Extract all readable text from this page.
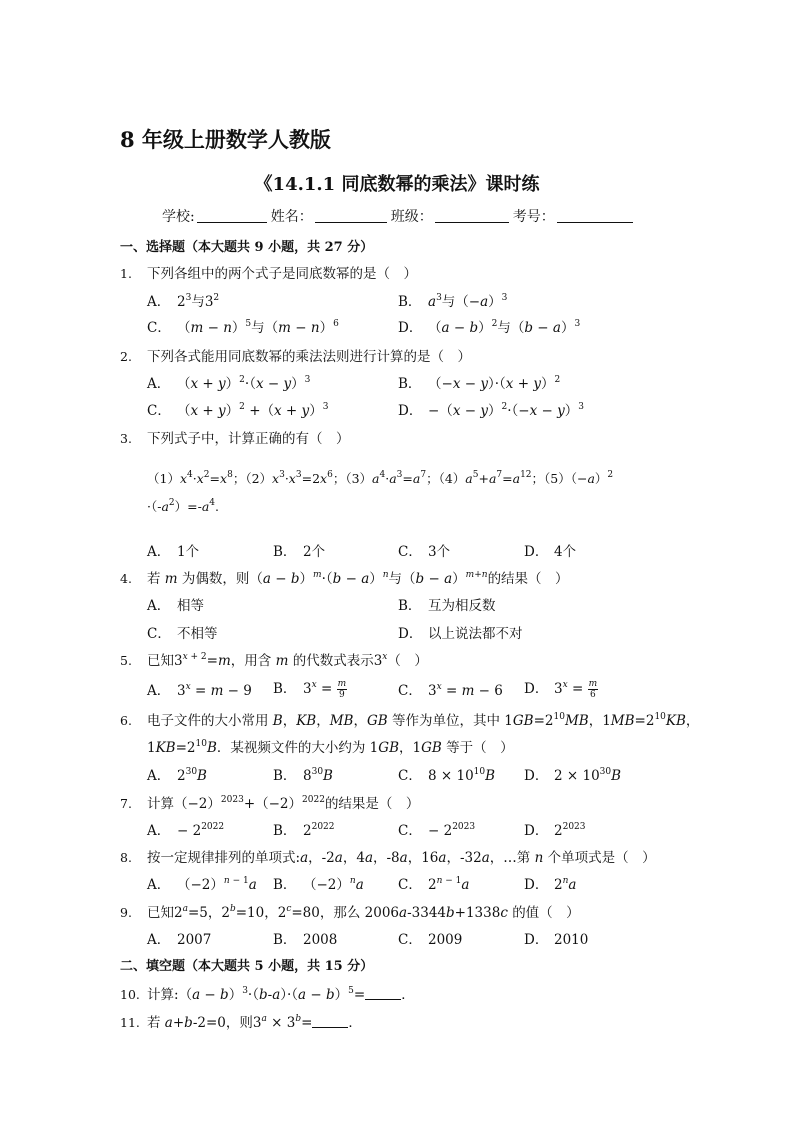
8 年级上册数学人教版
《14.1.1 同底数幂的乘法》课时练
学校:	姓名：	班级：	考号：
一、选择题（本大题共 9 小题，共 27 分）
1. 下列各组中的两个式子是同底数幂的是（　）
A． $2^3$与$3^2$	B． $a^3$与$(-a)^3$
C． $(m - n)^5$与$(m - n)^6$	D． $(a - b)^2$与$(b - a)^3$
2. 下列各式能用同底数幂的乘法法则进行计算的是（　）
A． $(x + y)^2\cdot(x - y)^3$	B． $(-x - y)\cdot(x + y)^2$
C． $(x + y)^2 +(x + y)^3$	D． $-(x - y)^2\cdot(-x - y)^3$
3. 下列式子中，计算正确的有（　）
$(1)x^4\cdot x^2=x^8$；$(2)x^3\cdot x^3=2x^6$；$(3)a^4\cdot a^3=a^7$；$(4)a^5+a^7=a^{12}$；$(5)(-a)^2$
$\cdot(-a^2)=-a^4$.
A． 1个	B． 2个	C． 3个	D． 4个
4. 若 m 为偶数，则$(a - b)^m\cdot(b - a)^n$与$(b - a)^{m+n}$的结果（　）
A． 相等	B． 互为相反数
C． 不相等	D． 以上说法都不对
5. 已知$3^{x + 2}=m$，用含 m 的代数式表示3$^x$（　）
A． $3^x = m - 9$ B． $3^x = \frac{m}{9}$	C． $3^x = m - 6$ D． $3^x = \frac{m}{6}$
6. 电子文件的大小常用 B，KB，MB，GB 等作为单位，其中 $1GB=2^{10}MB$，$1MB=2^{10}KB$，
$1KB=2^{10}B$．某视频文件的大小约为 1GB，1GB 等于（　）
A． $2^{30}B$	B． $8^{30}B$	C． $8 \times 10^{10}B$ D． $2 \times 10^{30}B$
7. 计算$(-2)^{2023}+(-2)^{2022}$的结果是（　）
A． − $2^{2022}$	B． $2^{2022}$	C． − $2^{2023}$	D． $2^{2023}$
8. 按一定规律排列的单项式:a，-2a，4a，-8a，16a，-32a，…第 n 个单项式是（　）
A． $(-2)^{n - 1}a$ B． $(-2)^na$	C． $2^{n - 1}a$	D． 2$^n$a
9. 已知$2^a=5$，$2^b=10$，$2^c=80$，那么 2006a-3344b+1338c 的值（　）
A． 2007	B． 2008	C． 2009	D． 2010
二、填空题（本大题共 5 小题，共 15 分）
10. 计算:（a − $b)^3\cdot(b-a)\cdot(a - b)^5=$	．
11. 若 a+b-2=0，则$3^a \times 3^b=$	．
